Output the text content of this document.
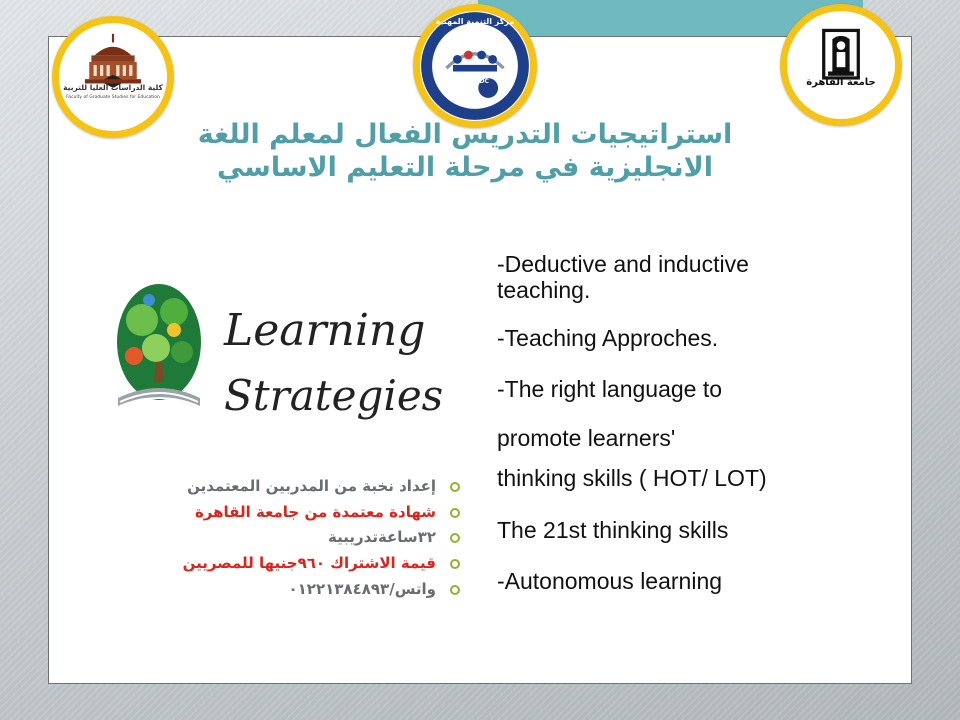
كلية الدراسات العليا للتربية
Faculty of Graduate Studies for Education
مركز التنمية المهنية
TPDC	جامعة القاهرة
استراتيجيات التدريس الفعال لمعلم اللغة
الانجليزية في مرحلة التعليم الاساسي
Learning
Strategies
-Deductive and inductive
teaching.
-Teaching Approches.
-The right language to
promote learners'
thinking skills ( HOT/ LOT)
The 21st thinking skills
-Autonomous learning
إعداد نخبة من المدربين المعتمدين
شهادة معتمدة من جامعة القاهرة
٣٢ساعةتدريبية
قيمة الاشتراك ٩٦٠جنيها للمصريين
واتس/٠١٢٢١٣٨٤٨٩٣
